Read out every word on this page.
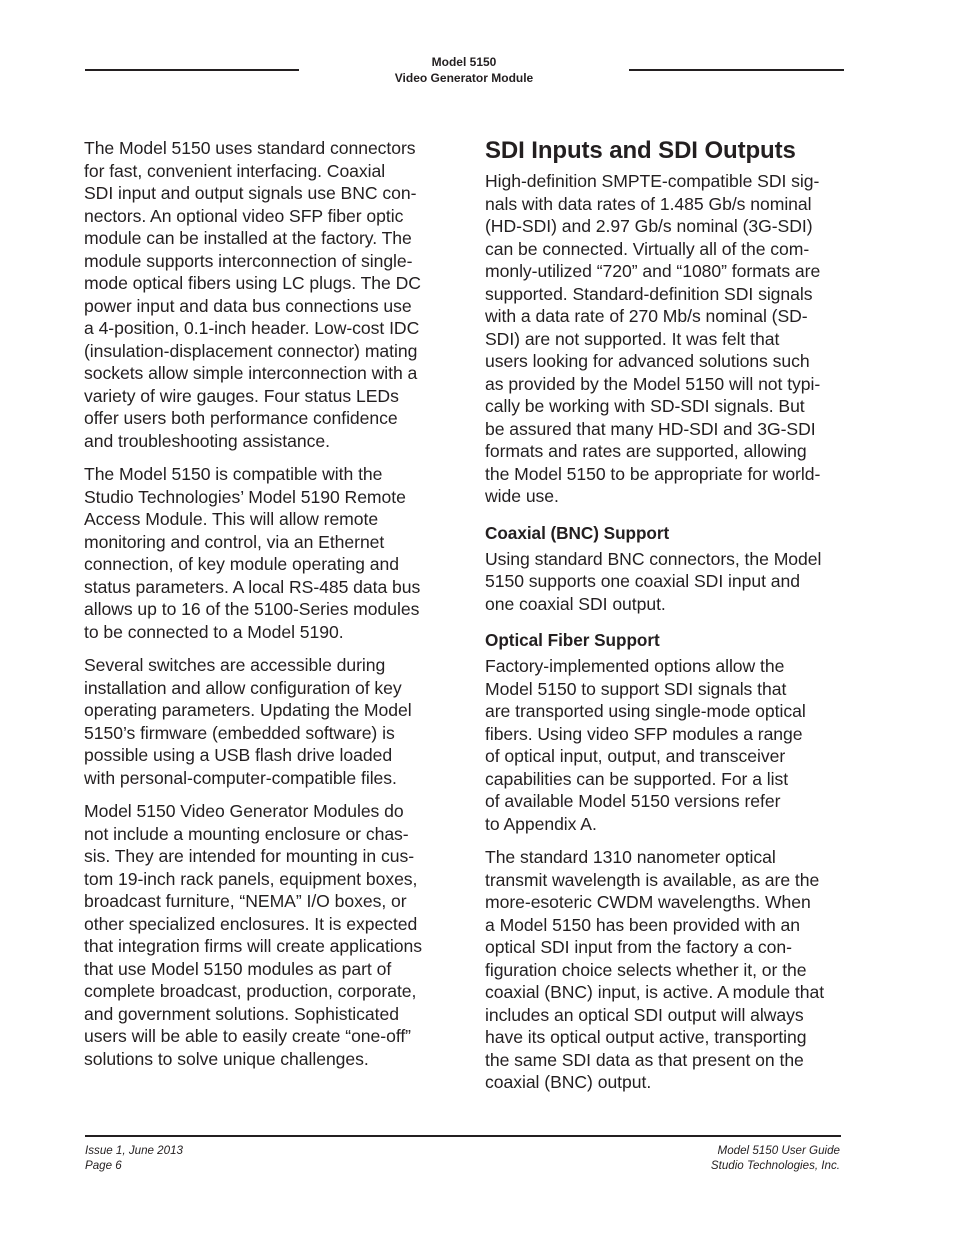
Model 5150
Video Generator Module

The Model 5150 uses standard connectors
for fast, convenient interfacing. Coaxial
SDI input and output signals use BNC con-
nectors. An optional video SFP fiber optic
module can be installed at the factory. The
module supports interconnection of single-
mode optical fibers using LC plugs. The DC
power input and data bus connections use
a 4-position, 0.1-inch header. Low-cost IDC
(insulation-displacement connector) mating
sockets allow simple interconnection with a
variety of wire gauges. Four status LEDs
offer users both performance confidence
and troubleshooting assistance.

The Model 5150 is compatible with the
Studio Technologies’ Model 5190 Remote
Access Module. This will allow remote
monitoring and control, via an Ethernet
connection, of key module operating and
status parameters. A local RS-485 data bus
allows up to 16 of the 5100-Series modules
to be connected to a Model 5190.

Several switches are accessible during
installation and allow configuration of key
operating parameters. Updating the Model
5150’s firmware (embedded software) is
possible using a USB flash drive loaded
with personal-computer-compatible files.

Model 5150 Video Generator Modules do
not include a mounting enclosure or chas-
sis. They are intended for mounting in cus-
tom 19-inch rack panels, equipment boxes,
broadcast furniture, “NEMA” I/O boxes, or
other specialized enclosures. It is expected
that integration firms will create applications
that use Model 5150 modules as part of
complete broadcast, production, corporate,
and government solutions. Sophisticated
users will be able to easily create “one-off”
solutions to solve unique challenges.

SDI Inputs and SDI Outputs

High-definition SMPTE-compatible SDI sig-
nals with data rates of 1.485 Gb/s nominal
(HD-SDI) and 2.97 Gb/s nominal (3G-SDI)
can be connected. Virtually all of the com-
monly-utilized “720” and “1080” formats are
supported. Standard-definition SDI signals
with a data rate of 270 Mb/s nominal (SD-
SDI) are not supported. It was felt that
users looking for advanced solutions such
as provided by the Model 5150 will not typi-
cally be working with SD-SDI signals. But
be assured that many HD-SDI and 3G-SDI
formats and rates are supported, allowing
the Model 5150 to be appropriate for world-
wide use.

Coaxial (BNC) Support

Using standard BNC connectors, the Model
5150 supports one coaxial SDI input and
one coaxial SDI output.

Optical Fiber Support

Factory-implemented options allow the
Model 5150 to support SDI signals that
are transported using single-mode optical
fibers. Using video SFP modules a range
of optical input, output, and transceiver
capabilities can be supported. For a list
of available Model 5150 versions refer
to Appendix A.

The standard 1310 nanometer optical
transmit wavelength is available, as are the
more-esoteric CWDM wavelengths. When
a Model 5150 has been provided with an
optical SDI input from the factory a con-
figuration choice selects whether it, or the
coaxial (BNC) input, is active. A module that
includes an optical SDI output will always
have its optical output active, transporting
the same SDI data as that present on the
coaxial (BNC) output.

Issue 1, June 2013
Page 6
Model 5150 User Guide
Studio Technologies, Inc.
